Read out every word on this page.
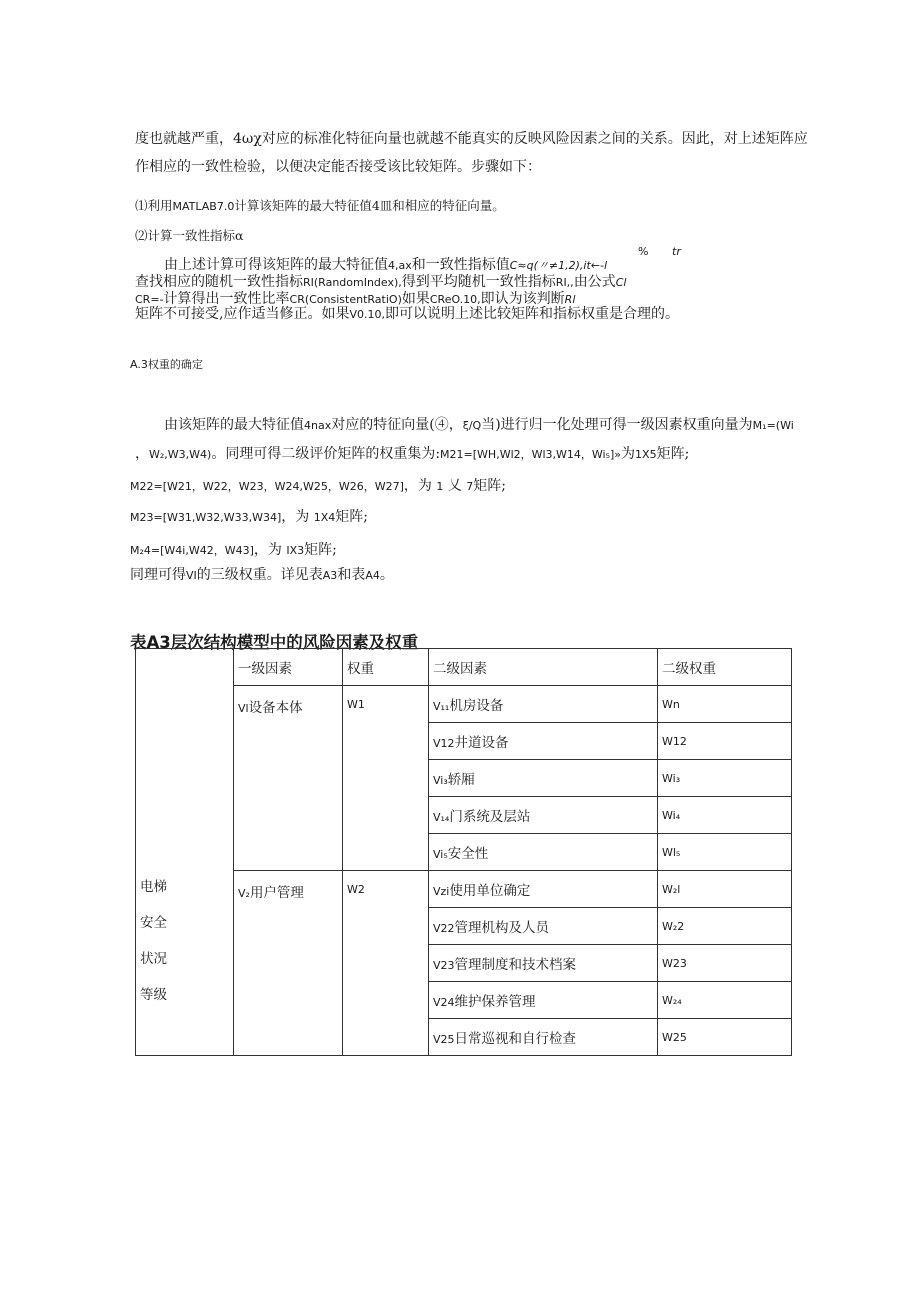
度也就越严重，4ωχ对应的标准化特征向量也就越不能真实的反映风险因素之间的关系。因此，对上述矩阵应
作相应的一致性检验，以便决定能否接受该比较矩阵。步骤如下：
⑴利用MATLAB7.0计算该矩阵的最大特征值4皿和相应的特征向量。
⑵计算一致性指标α
% tr
由上述计算可得该矩阵的最大特征值4,ax和一致性指标值C≈q(〃≠1,2),it←-l
查找相应的随机一致性指标RI(RandomIndex),得到平均随机一致性指标RI,,由公式Cl
CR=-计算得出一致性比率CR(ConsistentRatiO)如果CReO.10,即认为该判断Rl
矩阵不可接受,应作适当修正。如果V0.10,即可以说明上述比较矩阵和指标权重是合理的。
A.3权重的确定
由该矩阵的最大特征值4nax对应的特征向量(④，ξ/Q当)进行归一化处理可得一级因素权重向量为M₁=(Wi
，W₂,W3,W4)。同理可得二级评价矩阵的权重集为:M21=[WH,Wl2，Wl3,W14，Wi₅]»为1X5矩阵;
M22=[W21，W22，W23，W24,W25，W26，W27]，为 1 乂 7矩阵;
M23=[W31,W32,W33,W34]，为 1X4矩阵;
M₂4=[W4i,W42，W43]，为 IX3矩阵;
同理可得VI的三级权重。详见表A3和表A4。
表A3层次结构模型中的风险因素及权重
电梯
安全
状况
等级	一级因素	权重	二级因素	二级权重
	Vl设备本体	W1	V₁₁机房设备	Wn
			V12井道设备	W12
			Vi₃轿厢	Wi₃
			V₁₄门系统及层站	Wi₄
			Vi₅安全性	Wl₅
	V₂用户管理	W2	Vzi使用单位确定	W₂l
			V22管理机构及人员	W₂2
			V23管理制度和技术档案	W23
			V24维护保养管理	W₂₄
			V25日常巡视和自行检查	W25
